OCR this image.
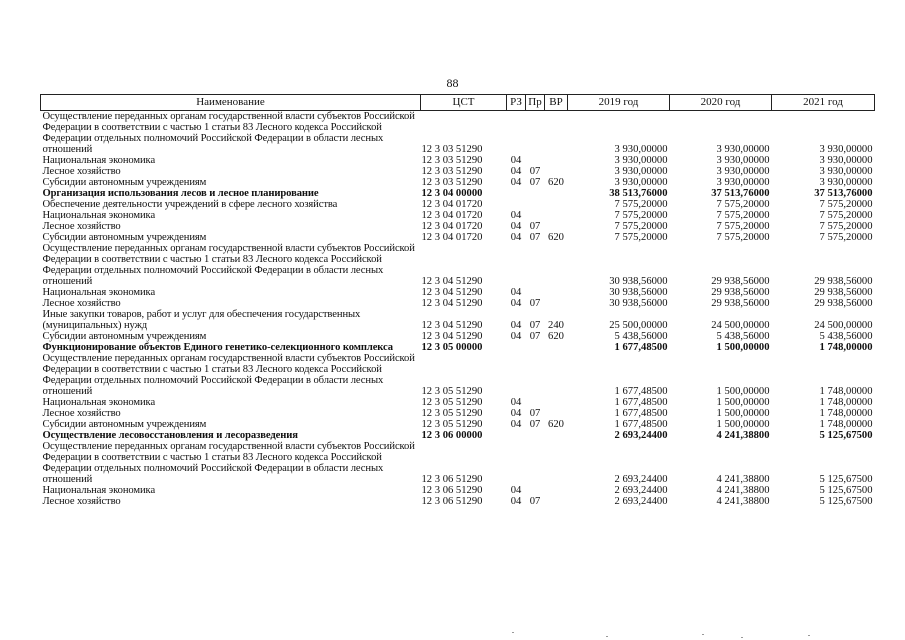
88
Наименование	ЦСТ	РЗ	Пр	ВР	2019 год	2020 год	2021 год
Осуществление переданных органам государственной власти субъектов Российской Федерации в соответствии с частью 1 статьи 83 Лесного кодекса Российской Федерации отдельных полномочий Российской Федерации в области лесных отношений	12 3 03 51290				3 930,00000	3 930,00000	3 930,00000
Национальная экономика	12 3 03 51290	04			3 930,00000	3 930,00000	3 930,00000
Лесное хозяйство	12 3 03 51290	04	07		3 930,00000	3 930,00000	3 930,00000
Субсидии автономным учреждениям	12 3 03 51290	04	07	620	3 930,00000	3 930,00000	3 930,00000
Организация использования лесов и лесное планирование	12 3 04 00000				38 513,76000	37 513,76000	37 513,76000
Обеспечение деятельности учреждений в сфере лесного хозяйства	12 3 04 01720				7 575,20000	7 575,20000	7 575,20000
Национальная экономика	12 3 04 01720	04			7 575,20000	7 575,20000	7 575,20000
Лесное хозяйство	12 3 04 01720	04	07		7 575,20000	7 575,20000	7 575,20000
Субсидии автономным учреждениям	12 3 04 01720	04	07	620	7 575,20000	7 575,20000	7 575,20000
Осуществление переданных органам государственной власти субъектов Российской Федерации в соответствии с частью 1 статьи 83 Лесного кодекса Российской Федерации отдельных полномочий Российской Федерации в области лесных отношений	12 3 04 51290				30 938,56000	29 938,56000	29 938,56000
Национальная экономика	12 3 04 51290	04			30 938,56000	29 938,56000	29 938,56000
Лесное хозяйство	12 3 04 51290	04	07		30 938,56000	29 938,56000	29 938,56000
Иные закупки товаров, работ и услуг для обеспечения государственных (муниципальных) нужд	12 3 04 51290	04	07	240	25 500,00000	24 500,00000	24 500,00000
Субсидии автономным учреждениям	12 3 04 51290	04	07	620	5 438,56000	5 438,56000	5 438,56000
Функционирование объектов Единого генетико-селекционного комплекса	12 3 05 00000				1 677,48500	1 500,00000	1 748,00000
Осуществление переданных органам государственной власти субъектов Российской Федерации в соответствии с частью 1 статьи 83 Лесного кодекса Российской Федерации отдельных полномочий Российской Федерации в области лесных отношений	12 3 05 51290				1 677,48500	1 500,00000	1 748,00000
Национальная экономика	12 3 05 51290	04			1 677,48500	1 500,00000	1 748,00000
Лесное хозяйство	12 3 05 51290	04	07		1 677,48500	1 500,00000	1 748,00000
Субсидии автономным учреждениям	12 3 05 51290	04	07	620	1 677,48500	1 500,00000	1 748,00000
Осуществление лесовосстановления и лесоразведения	12 3 06 00000				2 693,24400	4 241,38800	5 125,67500
Осуществление переданных органам государственной власти субъектов Российской Федерации в соответствии с частью 1 статьи 83 Лесного кодекса Российской Федерации отдельных полномочий Российской Федерации в области лесных отношений	12 3 06 51290				2 693,24400	4 241,38800	5 125,67500
Национальная экономика	12 3 06 51290	04			2 693,24400	4 241,38800	5 125,67500
Лесное хозяйство	12 3 06 51290	04	07		2 693,24400	4 241,38800	5 125,67500
